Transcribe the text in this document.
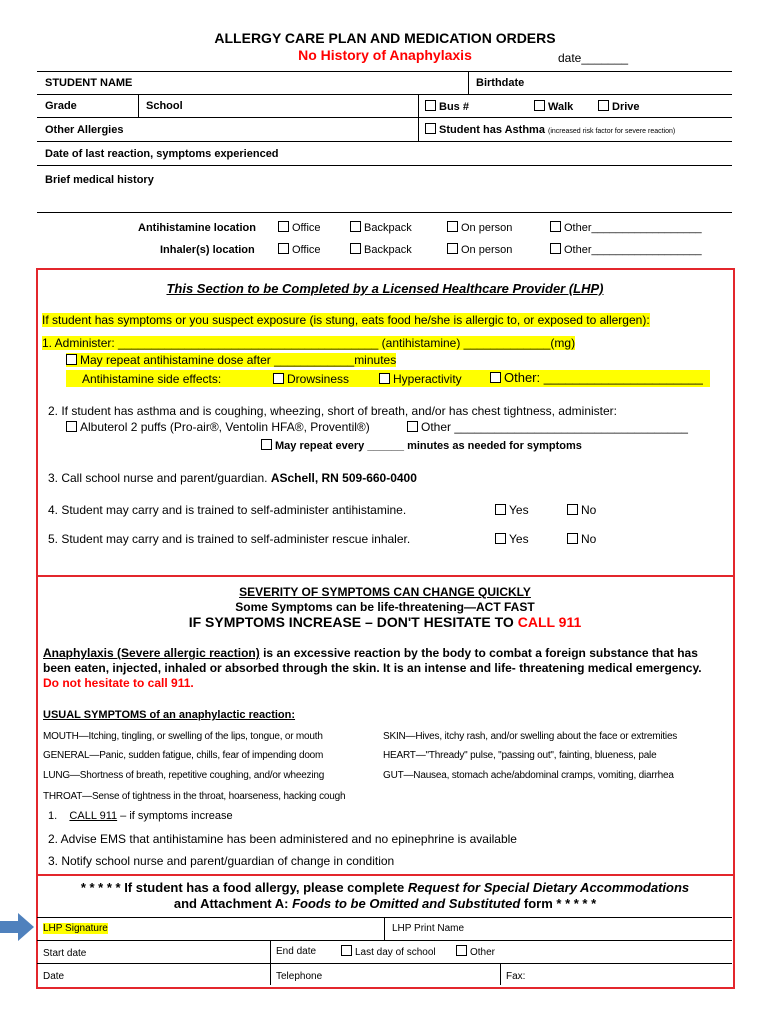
ALLERGY CARE PLAN AND MEDICATION ORDERS
No History of Anaphylaxis	date_______
STUDENT NAME	Birthdate
Grade	School	Bus #	Walk	Drive
Other Allergies	Student has Asthma (increased risk factor for severe reaction)
Date of last reaction, symptoms experienced
Brief medical history
Antihistamine location	Office	Backpack	On person	Other__________________
Inhaler(s) location	Office	Backpack	On person	Other__________________
This Section to be Completed by a Licensed Healthcare Provider (LHP)
If student has symptoms or you suspect exposure (is stung, eats food he/she is allergic to, or exposed to allergen):
1. Administer: _______________________________________ (antihistamine) _____________(mg)
May repeat antihistamine dose after ____________minutes
Antihistamine side effects:	Drowsiness	Hyperactivity	Other: ______________________
2. If student has asthma and is coughing, wheezing, short of breath, and/or has chest tightness, administer:
Albuterol 2 puffs (Pro-air®, Ventolin HFA®, Proventil®)	Other ___________________________________
May repeat every ______ minutes as needed for symptoms
3. Call school nurse and parent/guardian. ASchell, RN 509-660-0400
4. Student may carry and is trained to self-administer antihistamine.	Yes	No
5. Student may carry and is trained to self-administer rescue inhaler.	Yes	No
SEVERITY OF SYMPTOMS CAN CHANGE QUICKLY
Some Symptoms can be life-threatening—ACT FAST
IF SYMPTOMS INCREASE – DON'T HESITATE TO CALL 911
Anaphylaxis (Severe allergic reaction) is an excessive reaction by the body to combat a foreign substance that has been eaten, injected, inhaled or absorbed through the skin. It is an intense and life- threatening medical emergency. Do not hesitate to call 911.
USUAL SYMPTOMS of an anaphylactic reaction:
MOUTH—Itching, tingling, or swelling of the lips, tongue, or mouth	SKIN—Hives, itchy rash, and/or swelling about the face or extremities
GENERAL—Panic, sudden fatigue, chills, fear of impending doom	HEART—"Thready" pulse, "passing out", fainting, blueness, pale
LUNG—Shortness of breath, repetitive coughing, and/or wheezing	GUT—Nausea, stomach ache/abdominal cramps, vomiting, diarrhea
THROAT—Sense of tightness in the throat, hoarseness, hacking cough
1. CALL 911 – if symptoms increase
2. Advise EMS that antihistamine has been administered and no epinephrine is available
3. Notify school nurse and parent/guardian of change in condition
* * * * * If student has a food allergy, please complete Request for Special Dietary Accommodations and Attachment A: Foods to be Omitted and Substituted form * * * * *
LHP Signature	LHP Print Name
Start date	End date	Last day of school	Other
Date	Telephone	Fax:
